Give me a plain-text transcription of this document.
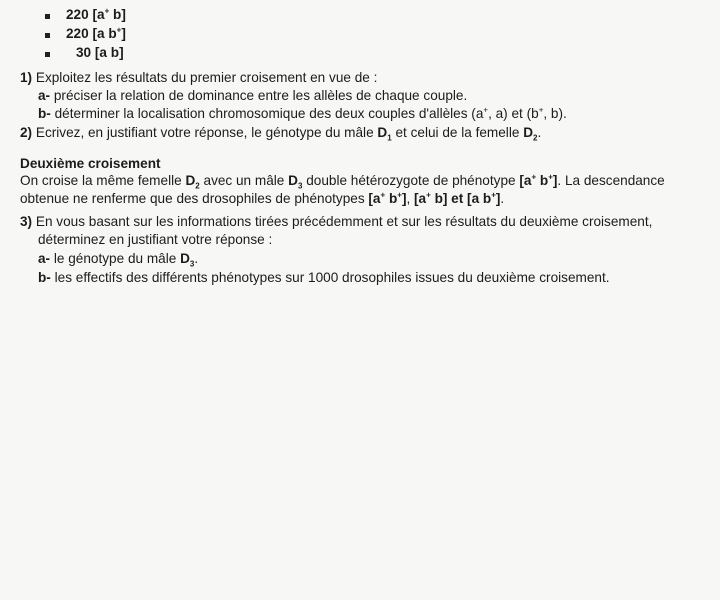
220 [a+ b]
220 [a b+]
30 [a b]
1) Exploitez les résultats du premier croisement en vue de :
a- préciser la relation de dominance entre les allèles de chaque couple.
b- déterminer la localisation chromosomique des deux couples d'allèles (a+, a) et (b+, b).
2) Ecrivez, en justifiant votre réponse, le génotype du mâle $D_1$ et celui de la femelle $D_2$.
Deuxième croisement
On croise la même femelle $D_2$ avec un mâle $D_3$ double hétérozygote de phénotype [a+ b+]. La descendance
obtenue ne renferme que des drosophiles de phénotypes [a+ b+], [a+ b] et [a b+].
3) En vous basant sur les informations tirées précédemment et sur les résultats du deuxième croisement,
déterminez en justifiant votre réponse :
a- le génotype du mâle $D_3$.
b- les effectifs des différents phénotypes sur 1000 drosophiles issues du deuxième croisement.
